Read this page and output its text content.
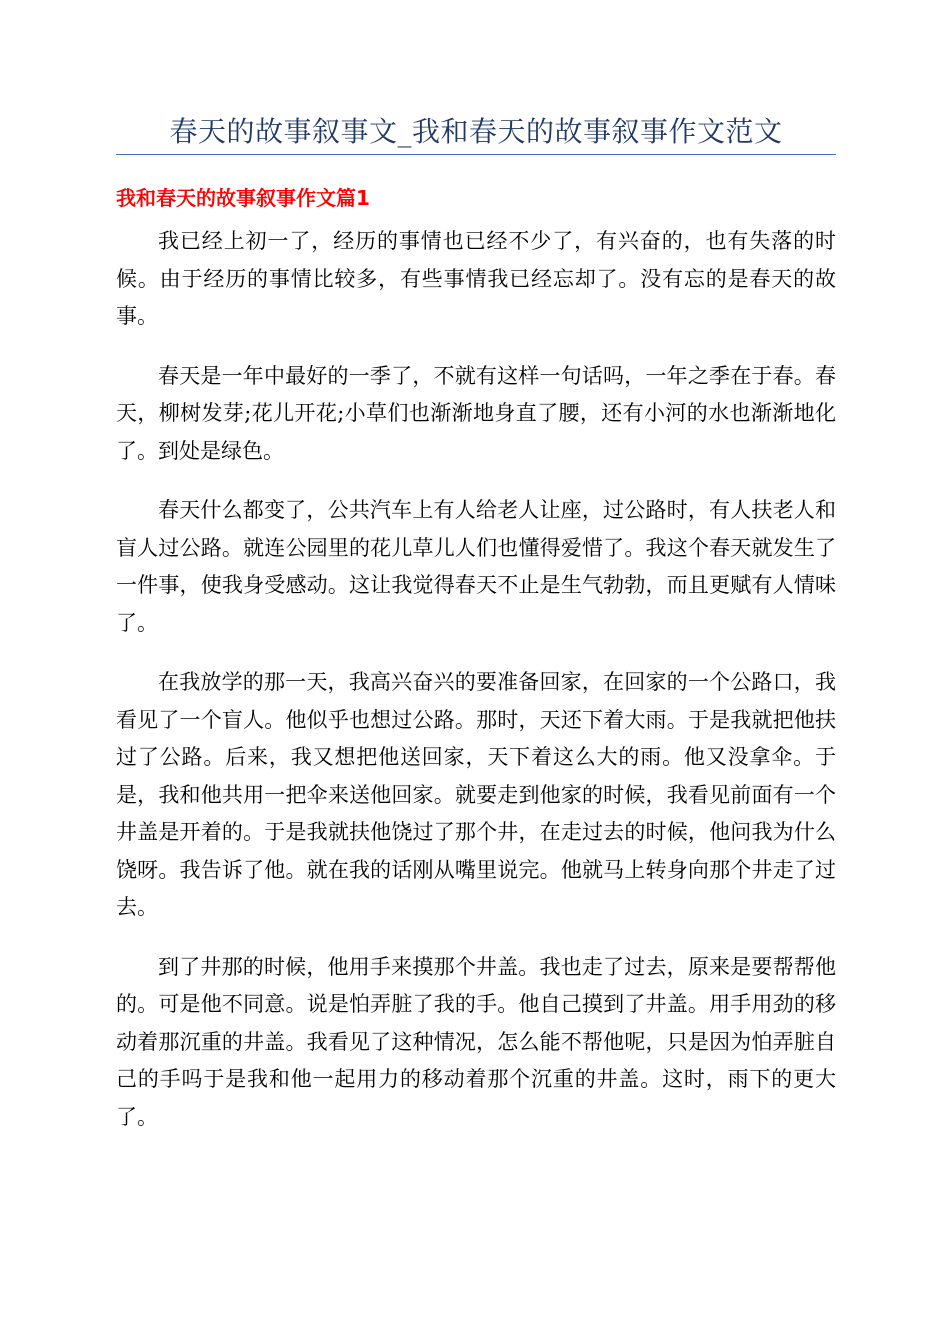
春天的故事叙事文_我和春天的故事叙事作文范文
我和春天的故事叙事作文篇1

我已经上初一了，经历的事情也已经不少了，有兴奋的，也有失落的时候。由于经历的事情比较多，有些事情我已经忘却了。没有忘的是春天的故事。

春天是一年中最好的一季了，不就有这样一句话吗，一年之季在于春。春天，柳树发芽;花儿开花;小草们也渐渐地身直了腰，还有小河的水也渐渐地化了。到处是绿色。

春天什么都变了，公共汽车上有人给老人让座，过公路时，有人扶老人和盲人过公路。就连公园里的花儿草儿人们也懂得爱惜了。我这个春天就发生了一件事，使我身受感动。这让我觉得春天不止是生气勃勃，而且更赋有人情味了。

在我放学的那一天，我高兴奋兴的要准备回家，在回家的一个公路口，我看见了一个盲人。他似乎也想过公路。那时，天还下着大雨。于是我就把他扶过了公路。后来，我又想把他送回家，天下着这么大的雨。他又没拿伞。于是，我和他共用一把伞来送他回家。就要走到他家的时候，我看见前面有一个井盖是开着的。于是我就扶他饶过了那个井，在走过去的时候，他问我为什么饶呀。我告诉了他。就在我的话刚从嘴里说完。他就马上转身向那个井走了过去。

到了井那的时候，他用手来摸那个井盖。我也走了过去，原来是要帮帮他的。可是他不同意。说是怕弄脏了我的手。他自己摸到了井盖。用手用劲的移动着那沉重的井盖。我看见了这种情况，怎么能不帮他呢，只是因为怕弄脏自己的手吗于是我和他一起用力的移动着那个沉重的井盖。这时，雨下的更大了。
